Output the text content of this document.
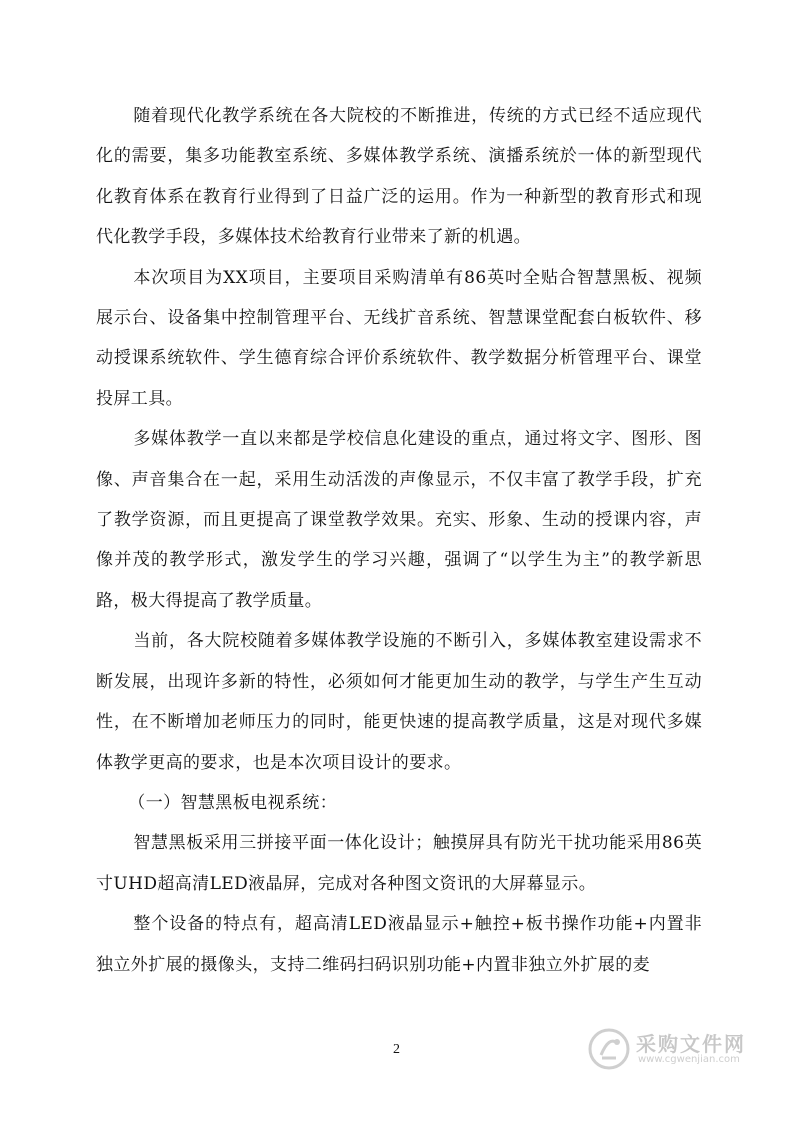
随着现代化教学系统在各大院校的不断推进，传统的方式已经不适应现代化的需要，集多功能教室系统、多媒体教学系统、演播系统於一体的新型现代化教育体系在教育行业得到了日益广泛的运用。作为一种新型的教育形式和现代化教学手段，多媒体技术给教育行业带来了新的机遇。

本次项目为XX项目，主要项目采购清单有86英吋全贴合智慧黑板、视频展示台、设备集中控制管理平台、无线扩音系统、智慧课堂配套白板软件、移动授课系统软件、学生德育综合评价系统软件、教学数据分析管理平台、课堂投屏工具。

多媒体教学一直以来都是学校信息化建设的重点，通过将文字、图形、图像、声音集合在一起，采用生动活泼的声像显示，不仅丰富了教学手段，扩充了教学资源，而且更提高了课堂教学效果。充实、形象、生动的授课内容，声像并茂的教学形式，激发学生的学习兴趣，强调了“以学生为主”的教学新思路，极大得提高了教学质量。

当前，各大院校随着多媒体教学设施的不断引入，多媒体教室建设需求不断发展，出现许多新的特性，必须如何才能更加生动的教学，与学生产生互动性，在不断增加老师压力的同时，能更快速的提高教学质量，这是对现代多媒体教学更高的要求，也是本次项目设计的要求。

（一）智慧黑板电视系统：

智慧黑板采用三拼接平面一体化设计；触摸屏具有防光干扰功能采用86英寸UHD超高清LED液晶屏，完成对各种图文资讯的大屏幕显示。

整个设备的特点有，超高清LED液晶显示+触控+板书操作功能+内置非独立外扩展的摄像头，支持二维码扫码识别功能+内置非独立外扩展的麦

2	采购文件网
www.cgwenjian.com
